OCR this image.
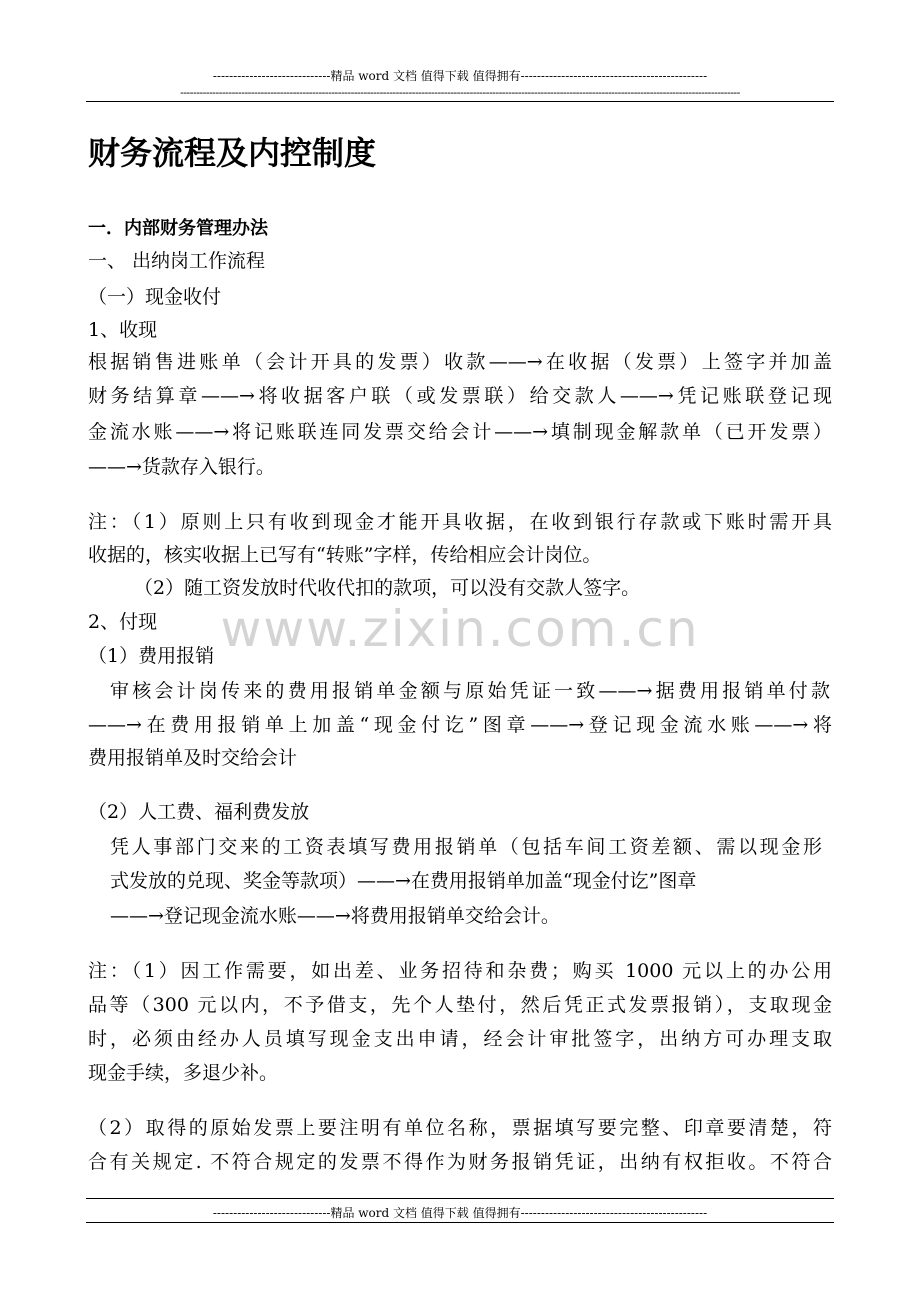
-----------------------------精品 word 文档 值得下载 值得拥有----------------------------------------------
------------------------------------------------------------------------------------------------------------------------------------------------------------------------------
财务流程及内控制度
一．内部财务管理办法
一、 出纳岗工作流程
（一）现金收付
1、收现
根据销售进账单（会计开具的发票）收款——→在收据（发票）上签字并加盖
财务结算章——→将收据客户联（或发票联）给交款人——→凭记账联登记现
金流水账——→将记账联连同发票交给会计——→填制现金解款单（已开发票）
——→货款存入银行。
注：（1）原则上只有收到现金才能开具收据，在收到银行存款或下账时需开具
收据的，核实收据上已写有“转账”字样，传给相应会计岗位。
（2）随工资发放时代收代扣的款项，可以没有交款人签字。
2、付现
（1）费用报销
审核会计岗传来的费用报销单金额与原始凭证一致——→据费用报销单付款
——→在费用报销单上加盖“现金付讫”图章——→登记现金流水账——→将
费用报销单及时交给会计
（2）人工费、福利费发放
凭人事部门交来的工资表填写费用报销单（包括车间工资差额、需以现金形
式发放的兑现、奖金等款项）——→在费用报销单加盖“现金付讫”图章
——→登记现金流水账——→将费用报销单交给会计。
注：（1）因工作需要，如出差、业务招待和杂费；购买 1000 元以上的办公用
品等（300 元以内，不予借支，先个人垫付，然后凭正式发票报销），支取现金
时，必须由经办人员填写现金支出申请，经会计审批签字，出纳方可办理支取
现金手续，多退少补。
（2）取得的原始发票上要注明有单位名称，票据填写要完整、印章要清楚，符
合有关规定. 不符合规定的发票不得作为财务报销凭证，出纳有权拒收。不符合
www.zixin.com.cn
-----------------------------精品 word 文档 值得下载 值得拥有----------------------------------------------
